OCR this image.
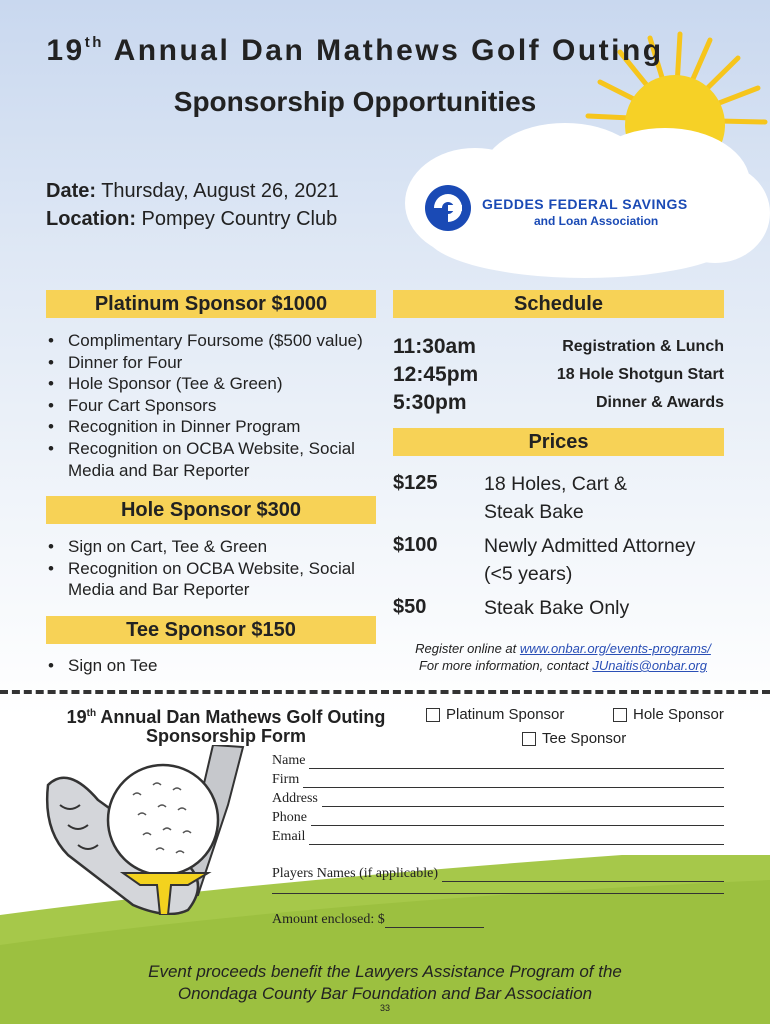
19th Annual Dan Mathews Golf Outing
Sponsorship Opportunities
Date: Thursday, August 26, 2021
Location: Pompey Country Club
GEDDES FEDERAL SAVINGS
and Loan Association
Platinum Sponsor $1000
• Complimentary Foursome ($500 value)
• Dinner for Four
• Hole Sponsor (Tee & Green)
• Four Cart Sponsors
• Recognition in Dinner Program
• Recognition on OCBA Website, Social Media and Bar Reporter
Hole Sponsor $300
• Sign on Cart, Tee & Green
• Recognition on OCBA Website, Social Media and Bar Reporter
Tee Sponsor $150
• Sign on Tee
Schedule
11:30am	Registration & Lunch
12:45pm	18 Hole Shotgun Start
5:30pm	Dinner & Awards
Prices
$125 18 Holes, Cart & Steak Bake
$100 Newly Admitted Attorney (<5 years)
$50	Steak Bake Only
Register online at www.onbar.org/events-programs/
For more information, contact JUnaitis@onbar.org
19th Annual Dan Mathews Golf Outing
Sponsorship Form
Platinum Sponsor	Hole Sponsor
Tee Sponsor
Name
Firm
Address
Phone
Email
Players Names (if applicable)
Amount enclosed: $
Event proceeds benefit the Lawyers Assistance Program of the
Onondaga County Bar Foundation and Bar Association
33
